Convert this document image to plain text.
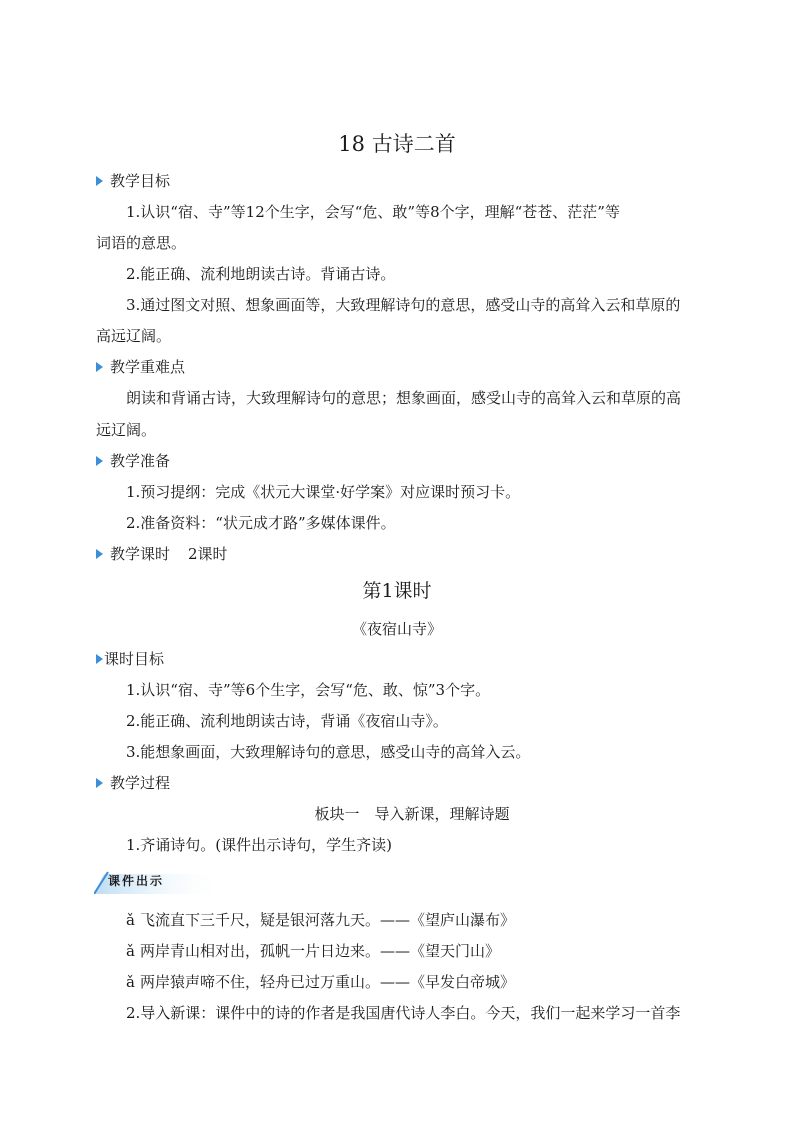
18 古诗二首
教学目标
1.认识“宿、寺”等12个生字，会写“危、敢”等8个字，理解“苍苍、茫茫”等
词语的意思。
2.能正确、流利地朗读古诗。背诵古诗。
3.通过图文对照、想象画面等，大致理解诗句的意思，感受山寺的高耸入云和草原的
高远辽阔。
教学重难点
朗读和背诵古诗，大致理解诗句的意思；想象画面，感受山寺的高耸入云和草原的高
远辽阔。
教学准备
1.预习提纲：完成《状元大课堂·好学案》对应课时预习卡。
2.准备资料：“状元成才路”多媒体课件。
教学课时 2课时
第1课时
《夜宿山寺》
课时目标
1.认识“宿、寺”等6个生字，会写“危、敢、惊”3个字。
2.能正确、流利地朗读古诗，背诵《夜宿山寺》。
3.能想象画面，大致理解诗句的意思，感受山寺的高耸入云。
教学过程
板块一　导入新课，理解诗题
1.齐诵诗句。(课件出示诗句，学生齐读)
课件出示
ǎ 飞流直下三千尺，疑是银河落九天。——《望庐山瀑布》
ǎ 两岸青山相对出，孤帆一片日边来。——《望天门山》
ǎ 两岸猿声啼不住，轻舟已过万重山。——《早发白帝城》
2.导入新课：课件中的诗的作者是我国唐代诗人李白。今天，我们一起来学习一首李
